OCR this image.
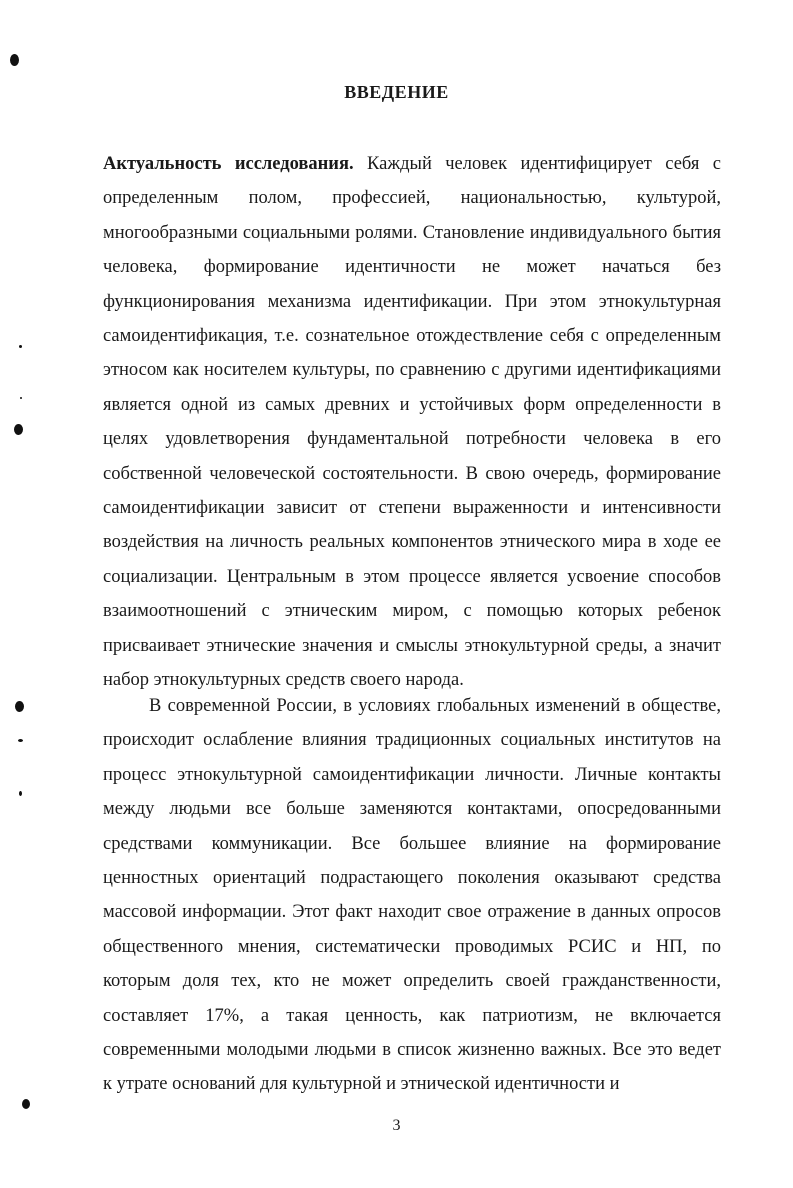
ВВЕДЕНИЕ

Актуальность исследования. Каждый человек идентифицирует себя с определенным полом, профессией, национальностью, культурой, многообразными социальными ролями. Становление индивидуального бытия человека, формирование идентичности не может начаться без функционирования механизма идентификации. При этом этнокультурная самоидентификация, т.е. сознательное отождествление себя с определенным этносом как носителем культуры, по сравнению с другими идентификациями является одной из самых древних и устойчивых форм определенности в целях удовлетворения фундаментальной потребности человека в его собственной человеческой состоятельности. В свою очередь, формирование самоидентификации зависит от степени выраженности и интенсивности воздействия на личность реальных компонентов этнического мира в ходе ее социализации. Центральным в этом процессе является усвоение способов взаимоотношений с этническим миром, с помощью которых ребенок присваивает этнические значения и смыслы этнокультурной среды, а значит набор этнокультурных средств своего народа.

В современной России, в условиях глобальных изменений в обществе, происходит ослабление влияния традиционных социальных институтов на процесс этнокультурной самоидентификации личности. Личные контакты между людьми все больше заменяются контактами, опосредованными средствами коммуникации. Все большее влияние на формирование ценностных ориентаций подрастающего поколения оказывают средства массовой информации. Этот факт находит свое отражение в данных опросов общественного мнения, систематически проводимых РСИС и НП, по которым доля тех, кто не может определить своей гражданственности, составляет 17%, а такая ценность, как патриотизм, не включается современными молодыми людьми в список жизненно важных. Все это ведет к утрате оснований для культурной и этнической идентичности и

3
